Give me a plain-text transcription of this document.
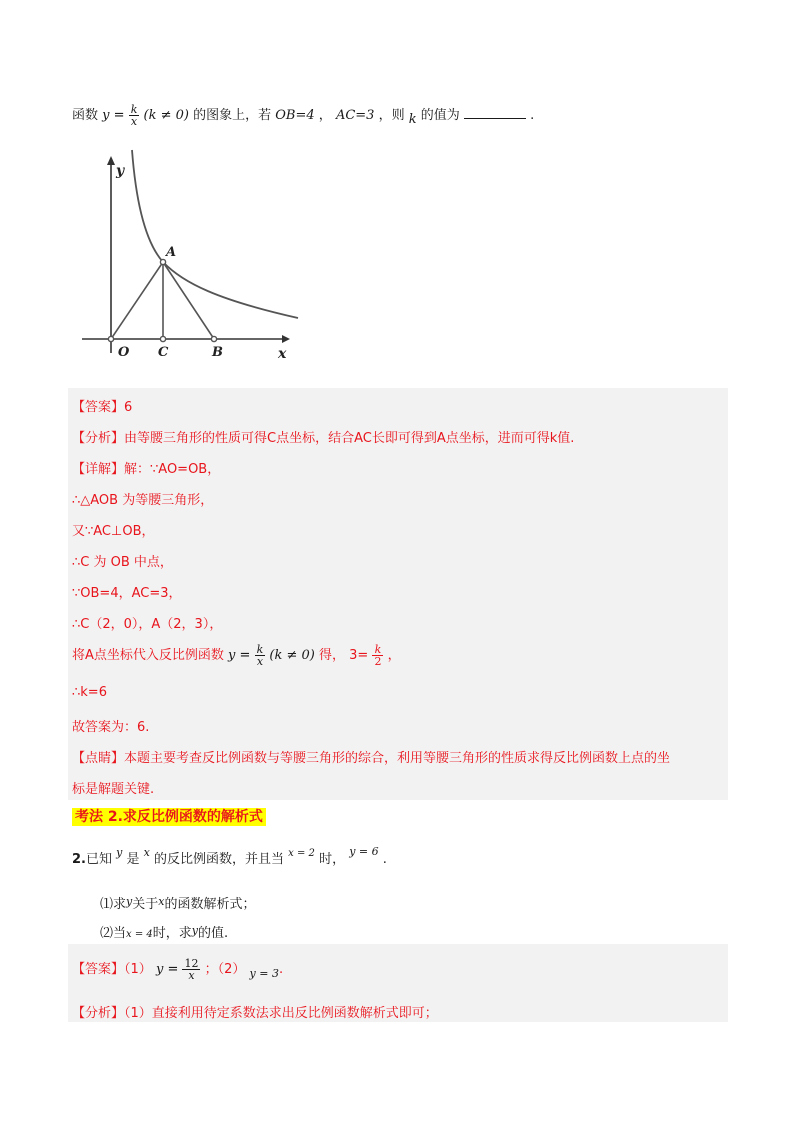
函数 $y = \frac{k}{x} (k \ne 0)$ 的图象上，若 OB=4 ， AC=3 ，则 k 的值为	.
y
x
O C	B
A
【答案】6
【分析】由等腰三角形的性质可得C点坐标，结合AC长即可得到A点坐标，进而可得k值.
【详解】解：∵AO=OB，
∴△AOB 为等腰三角形，
又∵AC⊥OB，
∴C 为 OB 中点，
∵OB=4，AC=3，
∴C（2，0），A（2，3），
将A点坐标代入反比例函数 $y = \frac{k}{x} (k \ne 0)$ 得， $3= \frac{k}{2}$ ，
∴k=6
故答案为：6.
【点睛】本题主要考查反比例函数与等腰三角形的综合，利用等腰三角形的性质求得反比例函数上点的坐
标是解题关键.
考法 2.求反比例函数的解析式
2.已知 $^y$ 是 $^x$ 的反比例函数，并且当 $^{x = 2}$ 时， $^{y = 6}$ .
⑴求$^y$关于$^x$的函数解析式；
⑵当x = 4时，求$^y$的值.
【答案】（1） $y = \frac{12}{x}$ ；（2） $_{y = 3}$.
【分析】（1）直接利用待定系数法求出反比例函数解析式即可；
